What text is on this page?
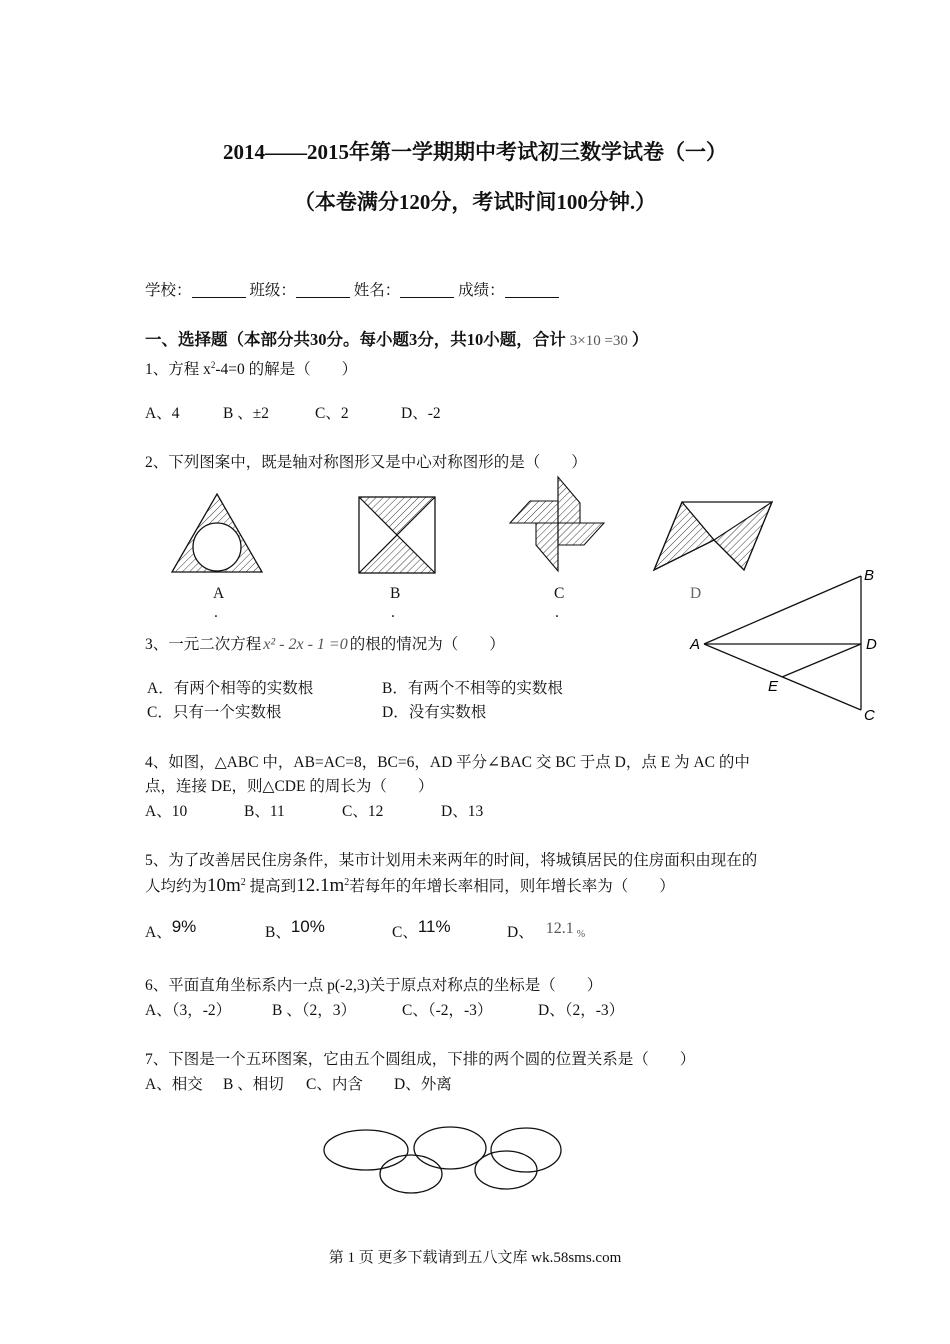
2014——2015年第一学期期中考试初三数学试卷（一）
（本卷满分120分，考试时间100分钟.）
学校：	班级：	姓名：	成绩：
一、选择题（本部分共30分。每小题3分，共10小题，合计 3×10 =30 ）
1、方程 $x^2-4=0$ 的解是（　　）
A、4	B 、±2	C、2	D、-2
2、下列图案中，既是轴对称图形又是中心对称图形的是（　　）
A
.
B
.
C
.
D
A
B
C
D
E
3、一元二次方程 x² - 2x - 1 =0 的根的情况为（　　）
A．有两个相等的实数根	B．有两个不相等的实数根
C．只有一个实数根	D．没有实数根
4、如图，△ABC 中，AB=AC=8，BC=6，AD 平分∠BAC 交 BC 于点 D，点 E 为 AC 的中
点，连接 DE，则△CDE 的周长为（　　）
A、10	B、11	C、12	D、13
5、为了改善居民住房条件，某市计划用未来两年的时间，将城镇居民的住房面积由现在的
人均约为$10m^2$ 提高到$12.1m^2$若每年的年增长率相同，则年增长率为（　　）
A、9%	B、10%	C、11%	D、 12.1 %
6、平面直角坐标系内一点 p(-2,3)关于原点对称点的坐标是（　　）
A、（3，-2）	B 、（2，3）	C、（-2，-3）	D、（2，-3）
7、下图是一个五环图案，它由五个圆组成，下排的两个圆的位置关系是（　　）
A、相交 B 、相切 C、内含 D、外离
第 1 页 更多下载请到五八文库 wk.58sms.com
